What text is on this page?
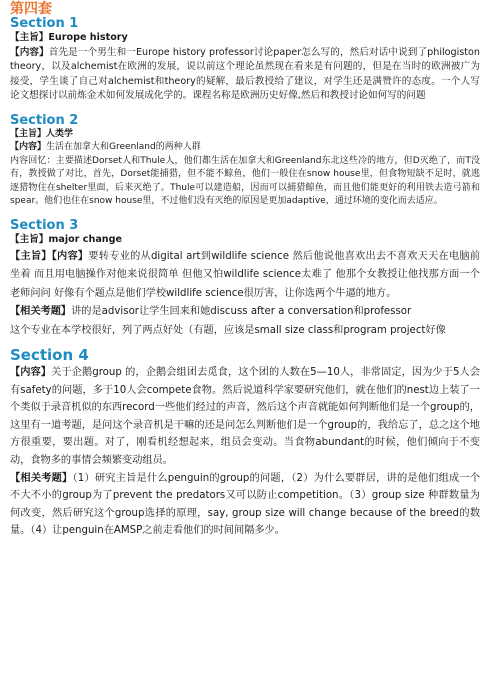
第四套

Section 1

【主旨】Europe history

【内容】首先是一个男生和一Europe history professor讨论paper怎么写的，然后对话中说到了philogiston theory，以及alchemist在欧洲的发展，说以前这个理论虽然现在看来是有问题的，但是在当时的欧洲被广为接受，学生谈了自己对alchemist和theory的疑解，最后教授给了建议，对学生还是满赞许的态度。一个人写论文想探讨以前炼金术如何发展成化学的。课程名称是欧洲历史好像,然后和教授讨论如何写的问题

Section 2

【主旨】人类学

【内容】生活在加拿大和Greenland的两种人群

内容回忆：主要描述Dorset人和Thule人，他们都生活在加拿大和Greenland东北这些冷的地方，但D灭绝了，而T没有，教授做了对比，首先，Dorset能捕猎，但不能不鲸鱼，他们一般住在snow house里，但食物短缺不足时，就逃逐猎物住在shelter里面，后来灭绝了。Thule可以建造船，因而可以捕猎鲸鱼，而且他们能更好的利用铁去造弓箭和spear。他们也住在snow house里，不过他们没有灭绝的原因是更加adaptive，通过环境的变化而去适应。

Section 3

【主旨】major change

【主旨】【内容】要转专业的从digital art到wildlife science 然后他说他喜欢出去不喜欢天天在电脑前坐着 而且用电脑操作对他来说很简单 但他又怕wildlife science太难了 他那个女教授让他找那方面一个老师问问 好像有个题点是他们学校wildlife science很厉害，让你选两个牛逼的地方。

【相关考题】讲的是advisor让学生回来和她discuss after a conversation和professor

这个专业在本学校很好，列了两点好处（有题，应该是small size class和program project好像

Section 4

【内容】关于企鹅group 的，企鹅会组团去觅食，这个团的人数在5—10人，非常固定，因为少于5人会有safety的问题，多于10人会compete食物。然后说道科学家要研究他们，就在他们的nest边上装了一个类似于录音机似的东西record一些他们经过的声音，然后这个声音就能如何判断他们是一个group的，这里有一道考题，是问这个录音机是干嘛的还是问怎么判断他们是一个group的，我给忘了，总之这个地方很重要，要出题。对了，刚看机经想起来，组员会变动。当食物abundant的时候，他们倾向于不变动，食物多的事情会频繁变动组员。

【相关考题】（1）研究主旨是什么penguin的group的问题，（2）为什么要群居，讲的是他们组成一个不大不小的group为了prevent the predators又可以防止competition。（3）group size 种群数量为何改变，然后研究这个group选择的原理，say, group size will change because of the breed的数量。（4）让penguin在AMSP之前走看他们的时间间隔多少。
